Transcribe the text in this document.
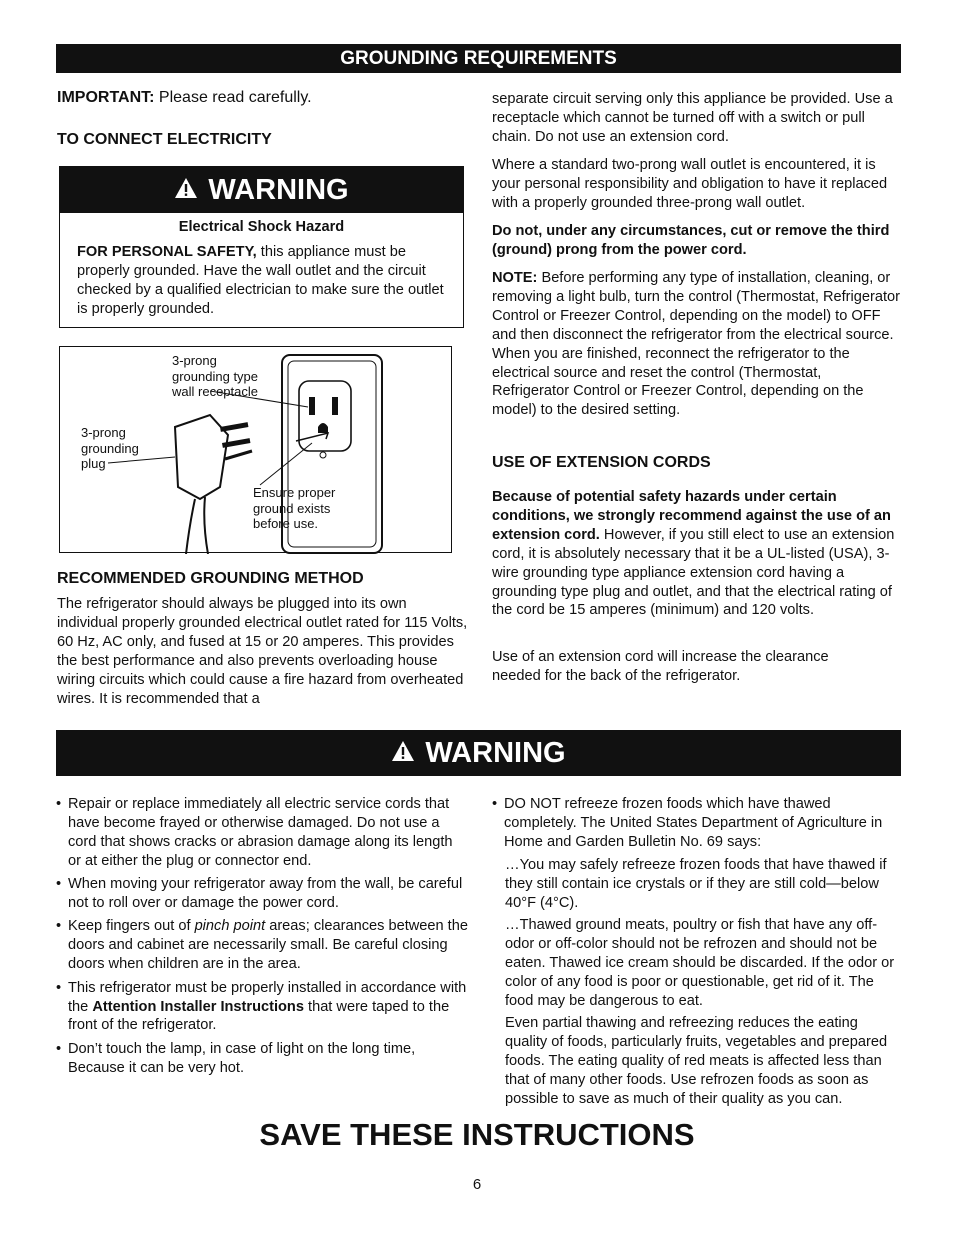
GROUNDING REQUIREMENTS

IMPORTANT: Please read carefully.

TO CONNECT ELECTRICITY

WARNING

Electrical Shock Hazard

FOR PERSONAL SAFETY, this appliance must be properly grounded. Have the wall outlet and the circuit checked by a qualified electrician to make sure the outlet is properly grounded.

3-prong grounding type wall receptacle
3-prong grounding plug
Ensure proper ground exists before use.

RECOMMENDED GROUNDING METHOD

The refrigerator should always be plugged into its own individual properly grounded electrical outlet rated for 115 Volts, 60 Hz, AC only, and fused at 15 or 20 amperes. This provides the best performance and also prevents overloading house wiring circuits which could cause a fire hazard from overheated wires. It is recommended that a

separate circuit serving only this appliance be provided. Use a receptacle which cannot be turned off with a switch or pull chain. Do not use an extension cord.

Where a standard two-prong wall outlet is encountered, it is your personal responsibility and obligation to have it replaced with a properly grounded three-prong wall outlet.

Do not, under any circumstances, cut or remove the third (ground) prong from the power cord.

NOTE: Before performing any type of installation, cleaning, or removing a light bulb, turn the control (Thermostat, Refrigerator Control or Freezer Control, depending on the model) to OFF and then disconnect the refrigerator from the electrical source. When you are finished, reconnect the refrigerator to the electrical source and reset the control (Thermostat, Refrigerator Control or Freezer Control, depending on the model) to the desired setting.

USE OF EXTENSION CORDS

Because of potential safety hazards under certain conditions, we strongly recommend against the use of an extension cord. However, if you still elect to use an extension cord, it is absolutely necessary that it be a UL-listed (USA), 3-wire grounding type appliance extension cord having a grounding type plug and outlet, and that the electrical rating of the cord be 15 amperes (minimum) and 120 volts.

Use of an extension cord will increase the clearance needed for the back of the refrigerator.

WARNING
• Repair or replace immediately all electric service cords that have become frayed or otherwise damaged. Do not use a cord that shows cracks or abrasion damage along its length or at either the plug or connector end.
• When moving your refrigerator away from the wall, be careful not to roll over or damage the power cord.
• Keep fingers out of pinch point areas; clearances between the doors and cabinet are necessarily small. Be careful closing doors when children are in the area.
• This refrigerator must be properly installed in accordance with the Attention Installer Instructions that were taped to the front of the refrigerator.
• Don’t touch the lamp, in case of light on the long time, Because it can be very hot.
• DO NOT refreeze frozen foods which have thawed completely. The United States Department of Agriculture in Home and Garden Bulletin No. 69 says:

…You may safely refreeze frozen foods that have thawed if they still contain ice crystals or if they are still cold—below 40°F (4°C).

…Thawed ground meats, poultry or fish that have any off-odor or off-color should not be refrozen and should not be eaten. Thawed ice cream should be discarded. If the odor or color of any food is poor or questionable, get rid of it. The food may be dangerous to eat.

Even partial thawing and refreezing reduces the eating quality of foods, particularly fruits, vegetables and prepared foods. The eating quality of red meats is affected less than that of many other foods. Use refrozen foods as soon as possible to save as much of their quality as you can.

SAVE THESE INSTRUCTIONS
6
